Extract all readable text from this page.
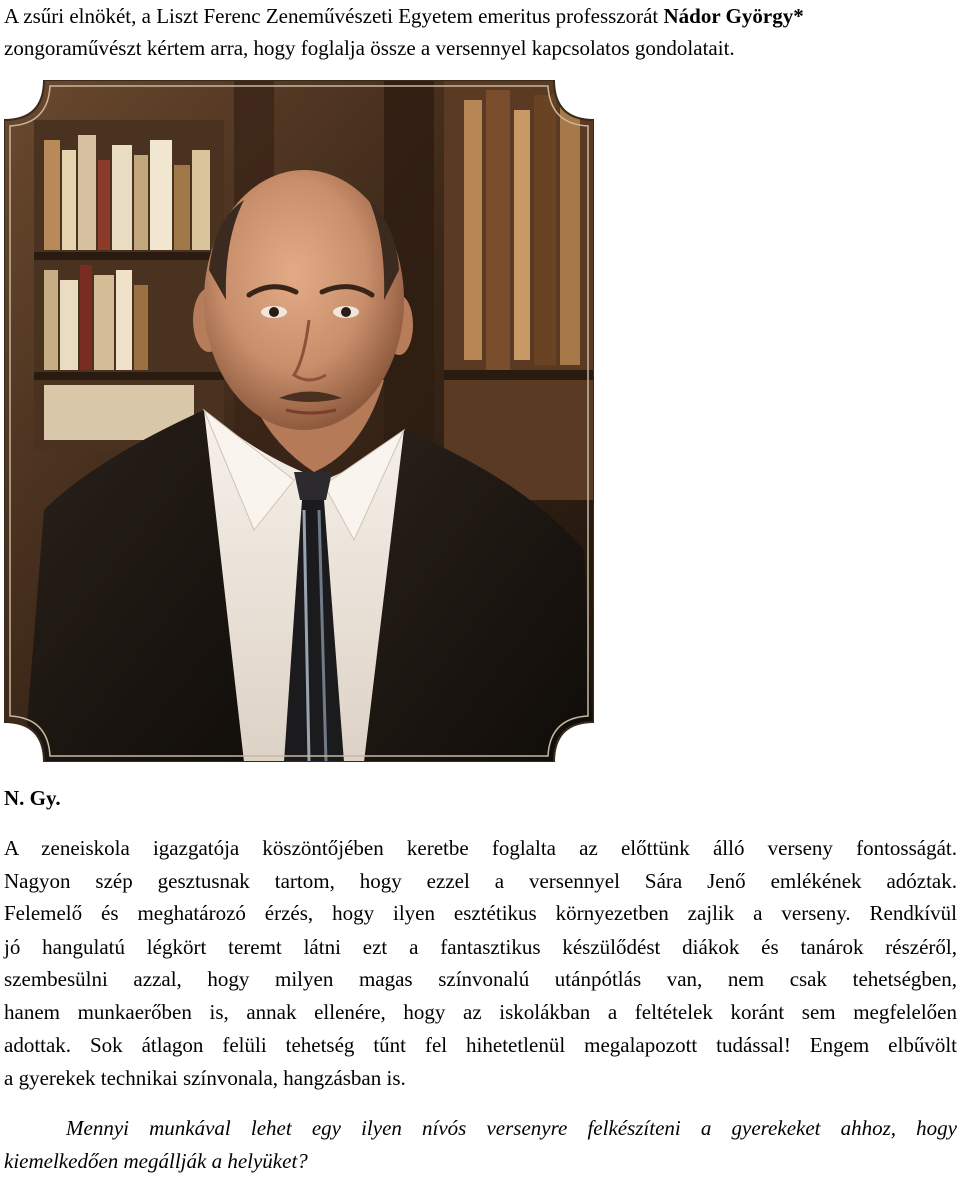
A zsűri elnökét, a Liszt Ferenc Zeneművészeti Egyetem emeritus professzorát Nádor György*
zongoraművészt kértem arra, hogy foglalja össze a versennyel kapcsolatos gondolatait.
N. Gy.
A zeneiskola igazgatója köszöntőjében keretbe foglalta az előttünk álló verseny fontosságát.
Nagyon szép gesztusnak tartom, hogy ezzel a versennyel Sára Jenő emlékének adóztak.
Felemelő és meghatározó érzés, hogy ilyen esztétikus környezetben zajlik a verseny. Rendkívül
jó hangulatú légkört teremt látni ezt a fantasztikus készülődést diákok és tanárok részéről,
szembesülni azzal, hogy milyen magas színvonalú utánpótlás van, nem csak tehetségben,
hanem munkaerőben is, annak ellenére, hogy az iskolákban a feltételek koránt sem megfelelően
adottak. Sok átlagon felüli tehetség tűnt fel hihetetlenül megalapozott tudással! Engem elbűvölt
a gyerekek technikai színvonala, hangzásban is.
Mennyi munkával lehet egy ilyen nívós versenyre felkészíteni a gyerekeket ahhoz, hogy
kiemelkedően megállják a helyüket?
